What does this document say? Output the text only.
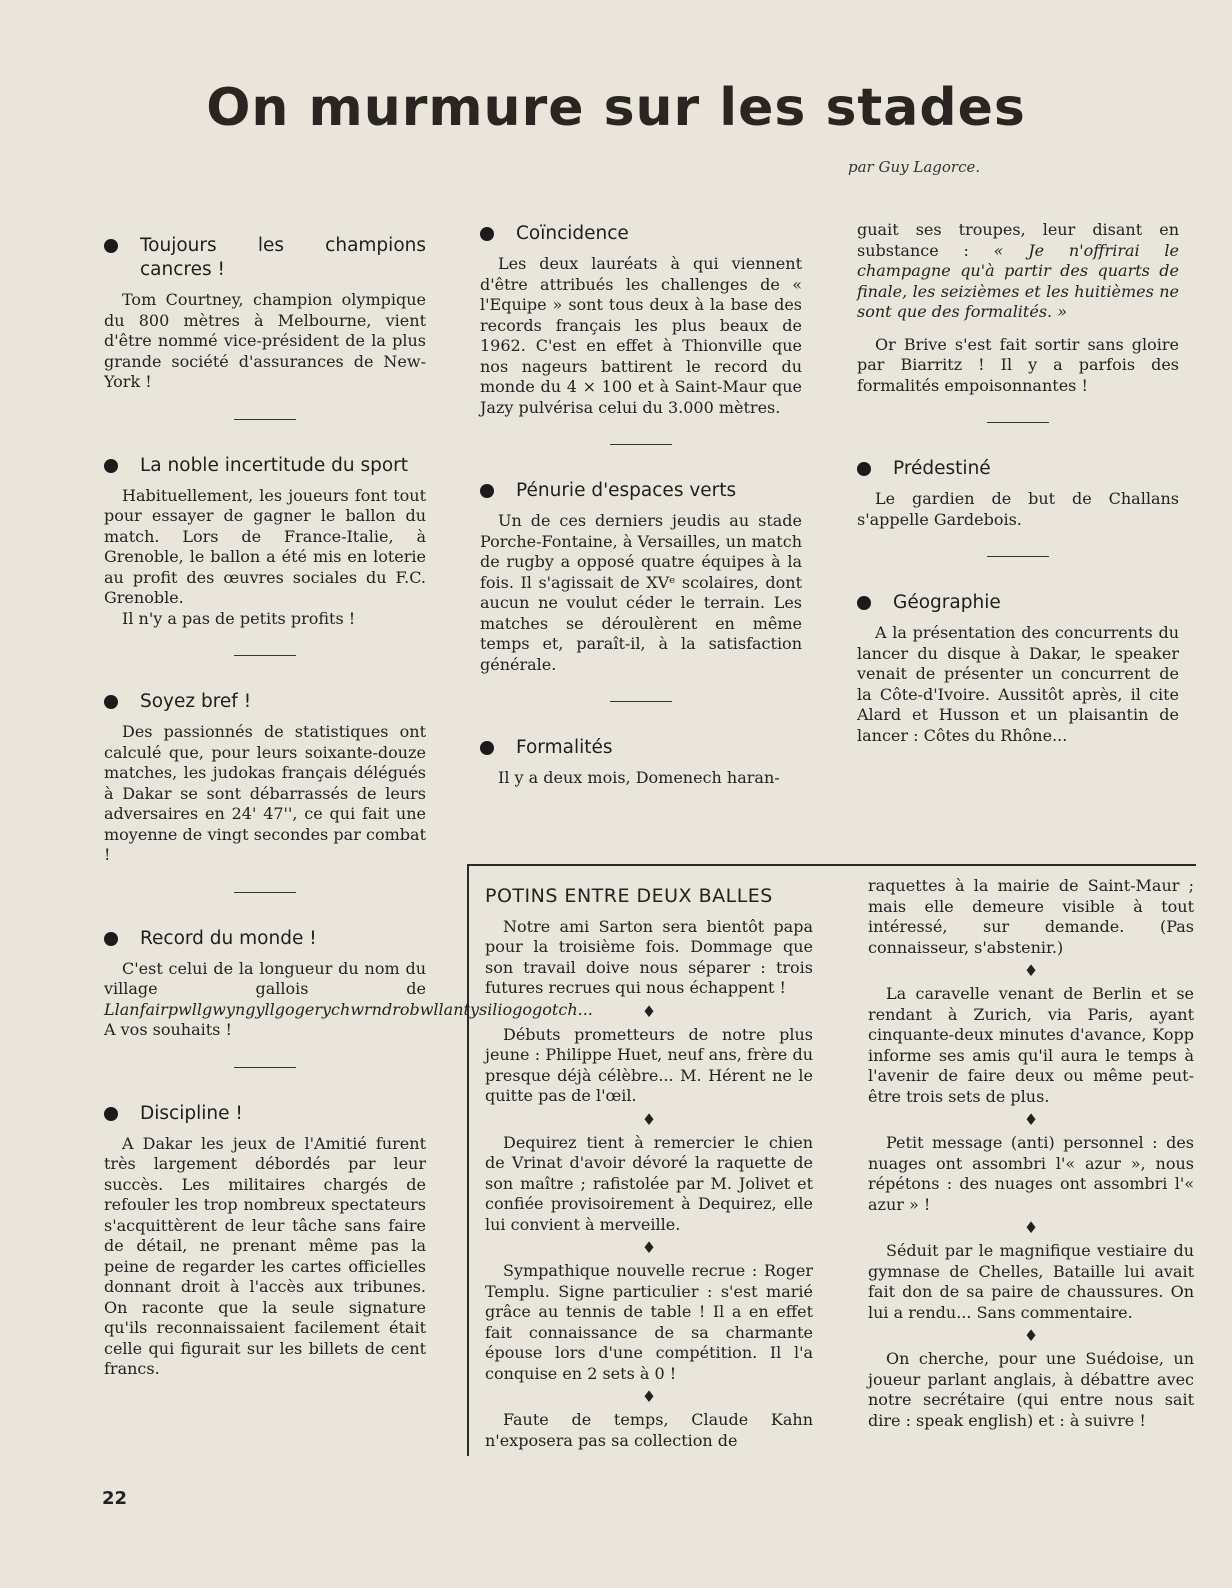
On murmure sur les stades
par Guy Lagorce.
Toujours les champions cancres !

Tom Courtney, champion olympique du 800 mètres à Melbourne, vient d'être nommé vice-président de la plus grande société d'assurances de New-York !

La noble incertitude du sport

Habituellement, les joueurs font tout pour essayer de gagner le ballon du match. Lors de France-Italie, à Grenoble, le ballon a été mis en loterie au profit des œuvres sociales du F.C. Grenoble.

Il n'y a pas de petits profits !

Soyez bref !

Des passionnés de statistiques ont calculé que, pour leurs soixante-douze matches, les judokas français délégués à Dakar se sont débarrassés de leurs adversaires en 24' 47'', ce qui fait une moyenne de vingt secondes par combat !

Record du monde !

C'est celui de la longueur du nom du village gallois de Llanfairpwllgwyngyllgogerychwrndrobwllantysiliogogotch... A vos souhaits !

Discipline !

A Dakar les jeux de l'Amitié furent très largement débordés par leur succès. Les militaires chargés de refouler les trop nombreux spectateurs s'acquittèrent de leur tâche sans faire de détail, ne prenant même pas la peine de regarder les cartes officielles donnant droit à l'accès aux tribunes. On raconte que la seule signature qu'ils reconnaissaient facilement était celle qui figurait sur les billets de cent francs.

Coïncidence

Les deux lauréats à qui viennent d'être attribués les challenges de « l'Equipe » sont tous deux à la base des records français les plus beaux de 1962. C'est en effet à Thionville que nos nageurs battirent le record du monde du 4 × 100 et à Saint-Maur que Jazy pulvérisa celui du 3.000 mètres.

Pénurie d'espaces verts

Un de ces derniers jeudis au stade Porche-Fontaine, à Versailles, un match de rugby a opposé quatre équipes à la fois. Il s'agissait de XVᵉ scolaires, dont aucun ne voulut céder le terrain. Les matches se déroulèrent en même temps et, paraît-il, à la satisfaction générale.

Formalités

Il y a deux mois, Domenech haran-

guait ses troupes, leur disant en substance : « Je n'offrirai le champagne qu'à partir des quarts de finale, les seizièmes et les huitièmes ne sont que des formalités. »

Or Brive s'est fait sortir sans gloire par Biarritz ! Il y a parfois des formalités empoisonnantes !

Prédestiné

Le gardien de but de Challans s'appelle Gardebois.

Géographie

A la présentation des concurrents du lancer du disque à Dakar, le speaker venait de présenter un concurrent de la Côte-d'Ivoire. Aussitôt après, il cite Alard et Husson et un plaisantin de lancer : Côtes du Rhône...

POTINS ENTRE DEUX BALLES

Notre ami Sarton sera bientôt papa pour la troisième fois. Dommage que son travail doive nous séparer : trois futures recrues qui nous échappent !

♦

Débuts prometteurs de notre plus jeune : Philippe Huet, neuf ans, frère du presque déjà célèbre... M. Hérent ne le quitte pas de l'œil.

♦

Dequirez tient à remercier le chien de Vrinat d'avoir dévoré la raquette de son maître ; rafistolée par M. Jolivet et confiée provisoirement à Dequirez, elle lui convient à merveille.

♦

Sympathique nouvelle recrue : Roger Templu. Signe particulier : s'est marié grâce au tennis de table ! Il a en effet fait connaissance de sa charmante épouse lors d'une compétition. Il l'a conquise en 2 sets à 0 !

♦

Faute de temps, Claude Kahn n'exposera pas sa collection de

raquettes à la mairie de Saint-Maur ; mais elle demeure visible à tout intéressé, sur demande. (Pas connaisseur, s'abstenir.)

♦

La caravelle venant de Berlin et se rendant à Zurich, via Paris, ayant cinquante-deux minutes d'avance, Kopp informe ses amis qu'il aura le temps à l'avenir de faire deux ou même peut-être trois sets de plus.

♦

Petit message (anti) personnel : des nuages ont assombri l'« azur », nous répétons : des nuages ont assombri l'« azur » !

♦

Séduit par le magnifique vestiaire du gymnase de Chelles, Bataille lui avait fait don de sa paire de chaussures. On lui a rendu... Sans commentaire.

♦

On cherche, pour une Suédoise, un joueur parlant anglais, à débattre avec notre secrétaire (qui entre nous sait dire : speak english) et : à suivre !

22
